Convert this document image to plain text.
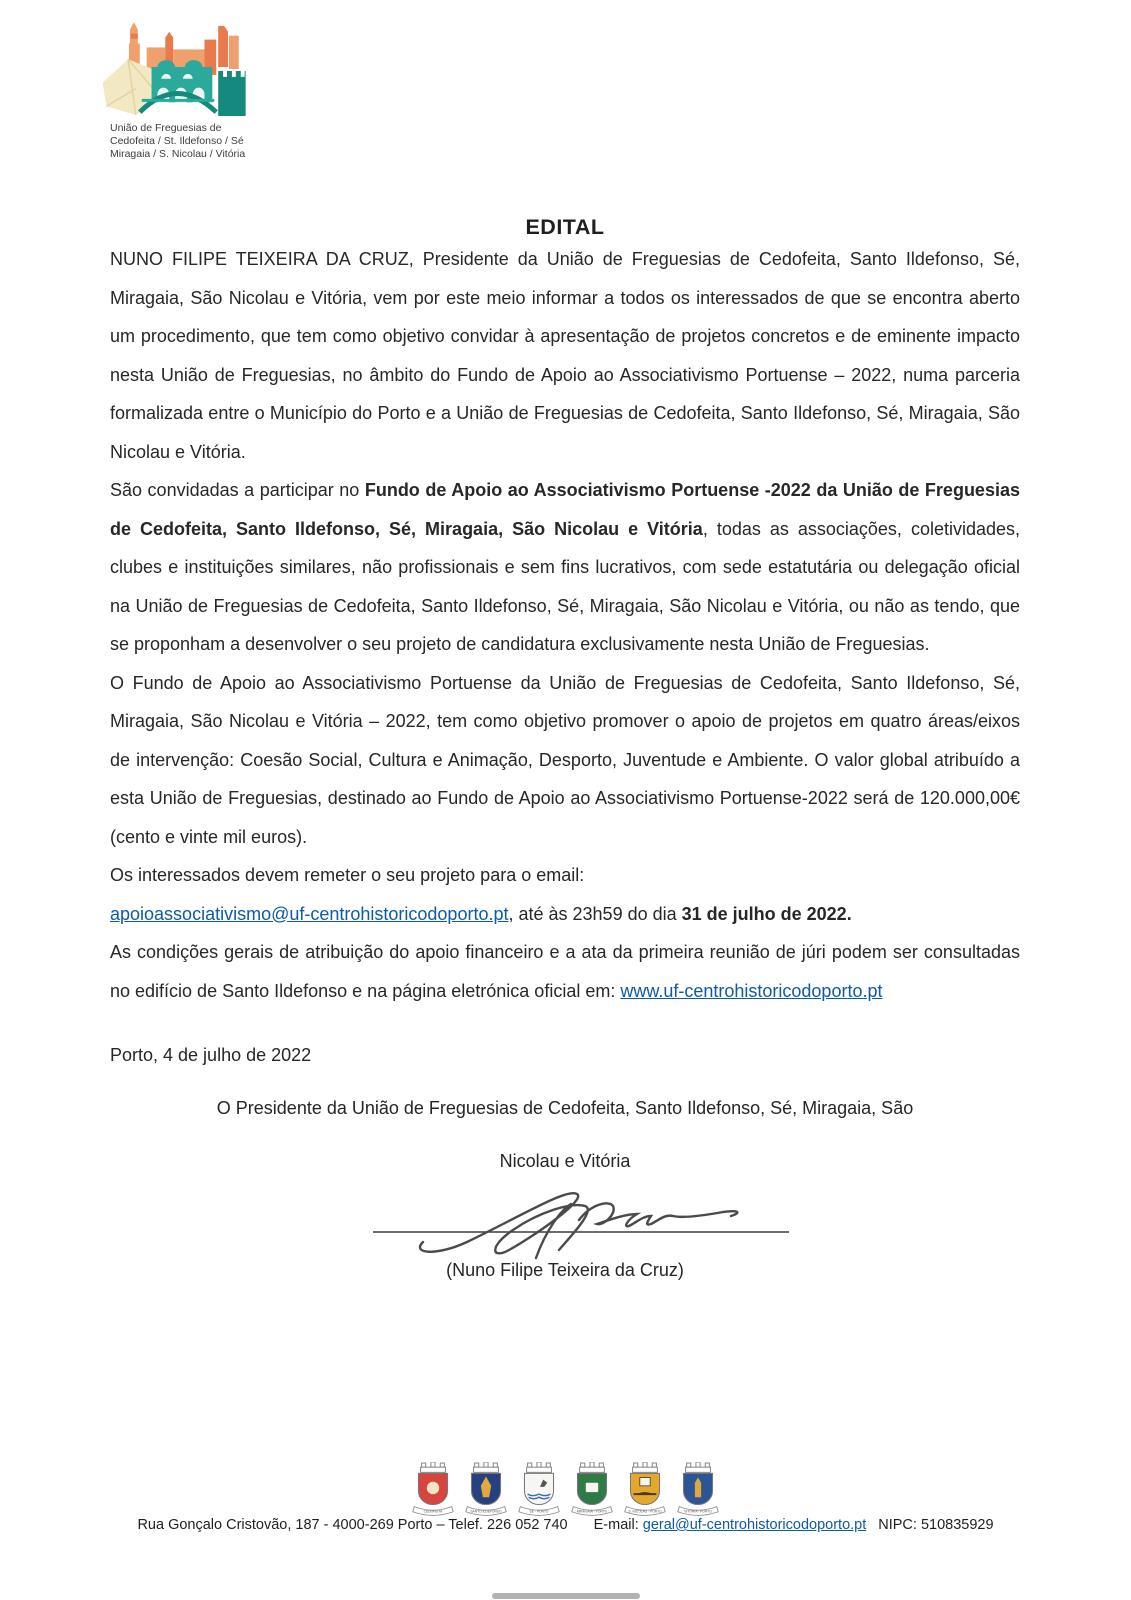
União de Freguesias de
Cedofeita / St. Ildefonso / Sé
Miragaia / S. Nicolau / Vitória
EDITAL

NUNO FILIPE TEIXEIRA DA CRUZ, Presidente da União de Freguesias de Cedofeita, Santo Ildefonso, Sé, Miragaia, São Nicolau e Vitória, vem por este meio informar a todos os interessados de que se encontra aberto um procedimento, que tem como objetivo convidar à apresentação de projetos concretos e de eminente impacto nesta União de Freguesias, no âmbito do Fundo de Apoio ao Associativismo Portuense – 2022, numa parceria formalizada entre o Município do Porto e a União de Freguesias de Cedofeita, Santo Ildefonso, Sé, Miragaia, São Nicolau e Vitória.

São convidadas a participar no Fundo de Apoio ao Associativismo Portuense -2022 da União de Freguesias de Cedofeita, Santo Ildefonso, Sé, Miragaia, São Nicolau e Vitória, todas as associações, coletividades, clubes e instituições similares, não profissionais e sem fins lucrativos, com sede estatutária ou delegação oficial na União de Freguesias de Cedofeita, Santo Ildefonso, Sé, Miragaia, São Nicolau e Vitória, ou não as tendo, que se proponham a desenvolver o seu projeto de candidatura exclusivamente nesta União de Freguesias.

O Fundo de Apoio ao Associativismo Portuense da União de Freguesias de Cedofeita, Santo Ildefonso, Sé, Miragaia, São Nicolau e Vitória – 2022, tem como objetivo promover o apoio de projetos em quatro áreas/eixos de intervenção: Coesão Social, Cultura e Animação, Desporto, Juventude e Ambiente. O valor global atribuído a esta União de Freguesias, destinado ao Fundo de Apoio ao Associativismo Portuense-2022 será de 120.000,00€ (cento e vinte mil euros).

Os interessados devem remeter o seu projeto para o email:
apoioassociativismo@uf-centrohistoricodoporto.pt, até às 23h59 do dia 31 de julho de 2022.

As condições gerais de atribuição do apoio financeiro e a ata da primeira reunião de júri podem ser consultadas no edifício de Santo Ildefonso e na página eletrónica oficial em: www.uf-centrohistoricodoporto.pt

Porto, 4 de julho de 2022

O Presidente da União de Freguesias de Cedofeita, Santo Ildefonso, Sé, Miragaia, São

Nicolau e Vitória

(Nuno Filipe Teixeira da Cruz)

CEDOFEITA	SANTO ILDEFONSO	SÉ - PORTO	MIRAGAIA - PORTO	S. NICOLAU - PORTO	VITÓRIA - PORTO
Rua Gonçalo Cristovão, 187 - 4000-269 Porto – Telef. 226 052 740 E-mail: geral@uf-centrohistoricodoporto.pt NIPC: 510835929
